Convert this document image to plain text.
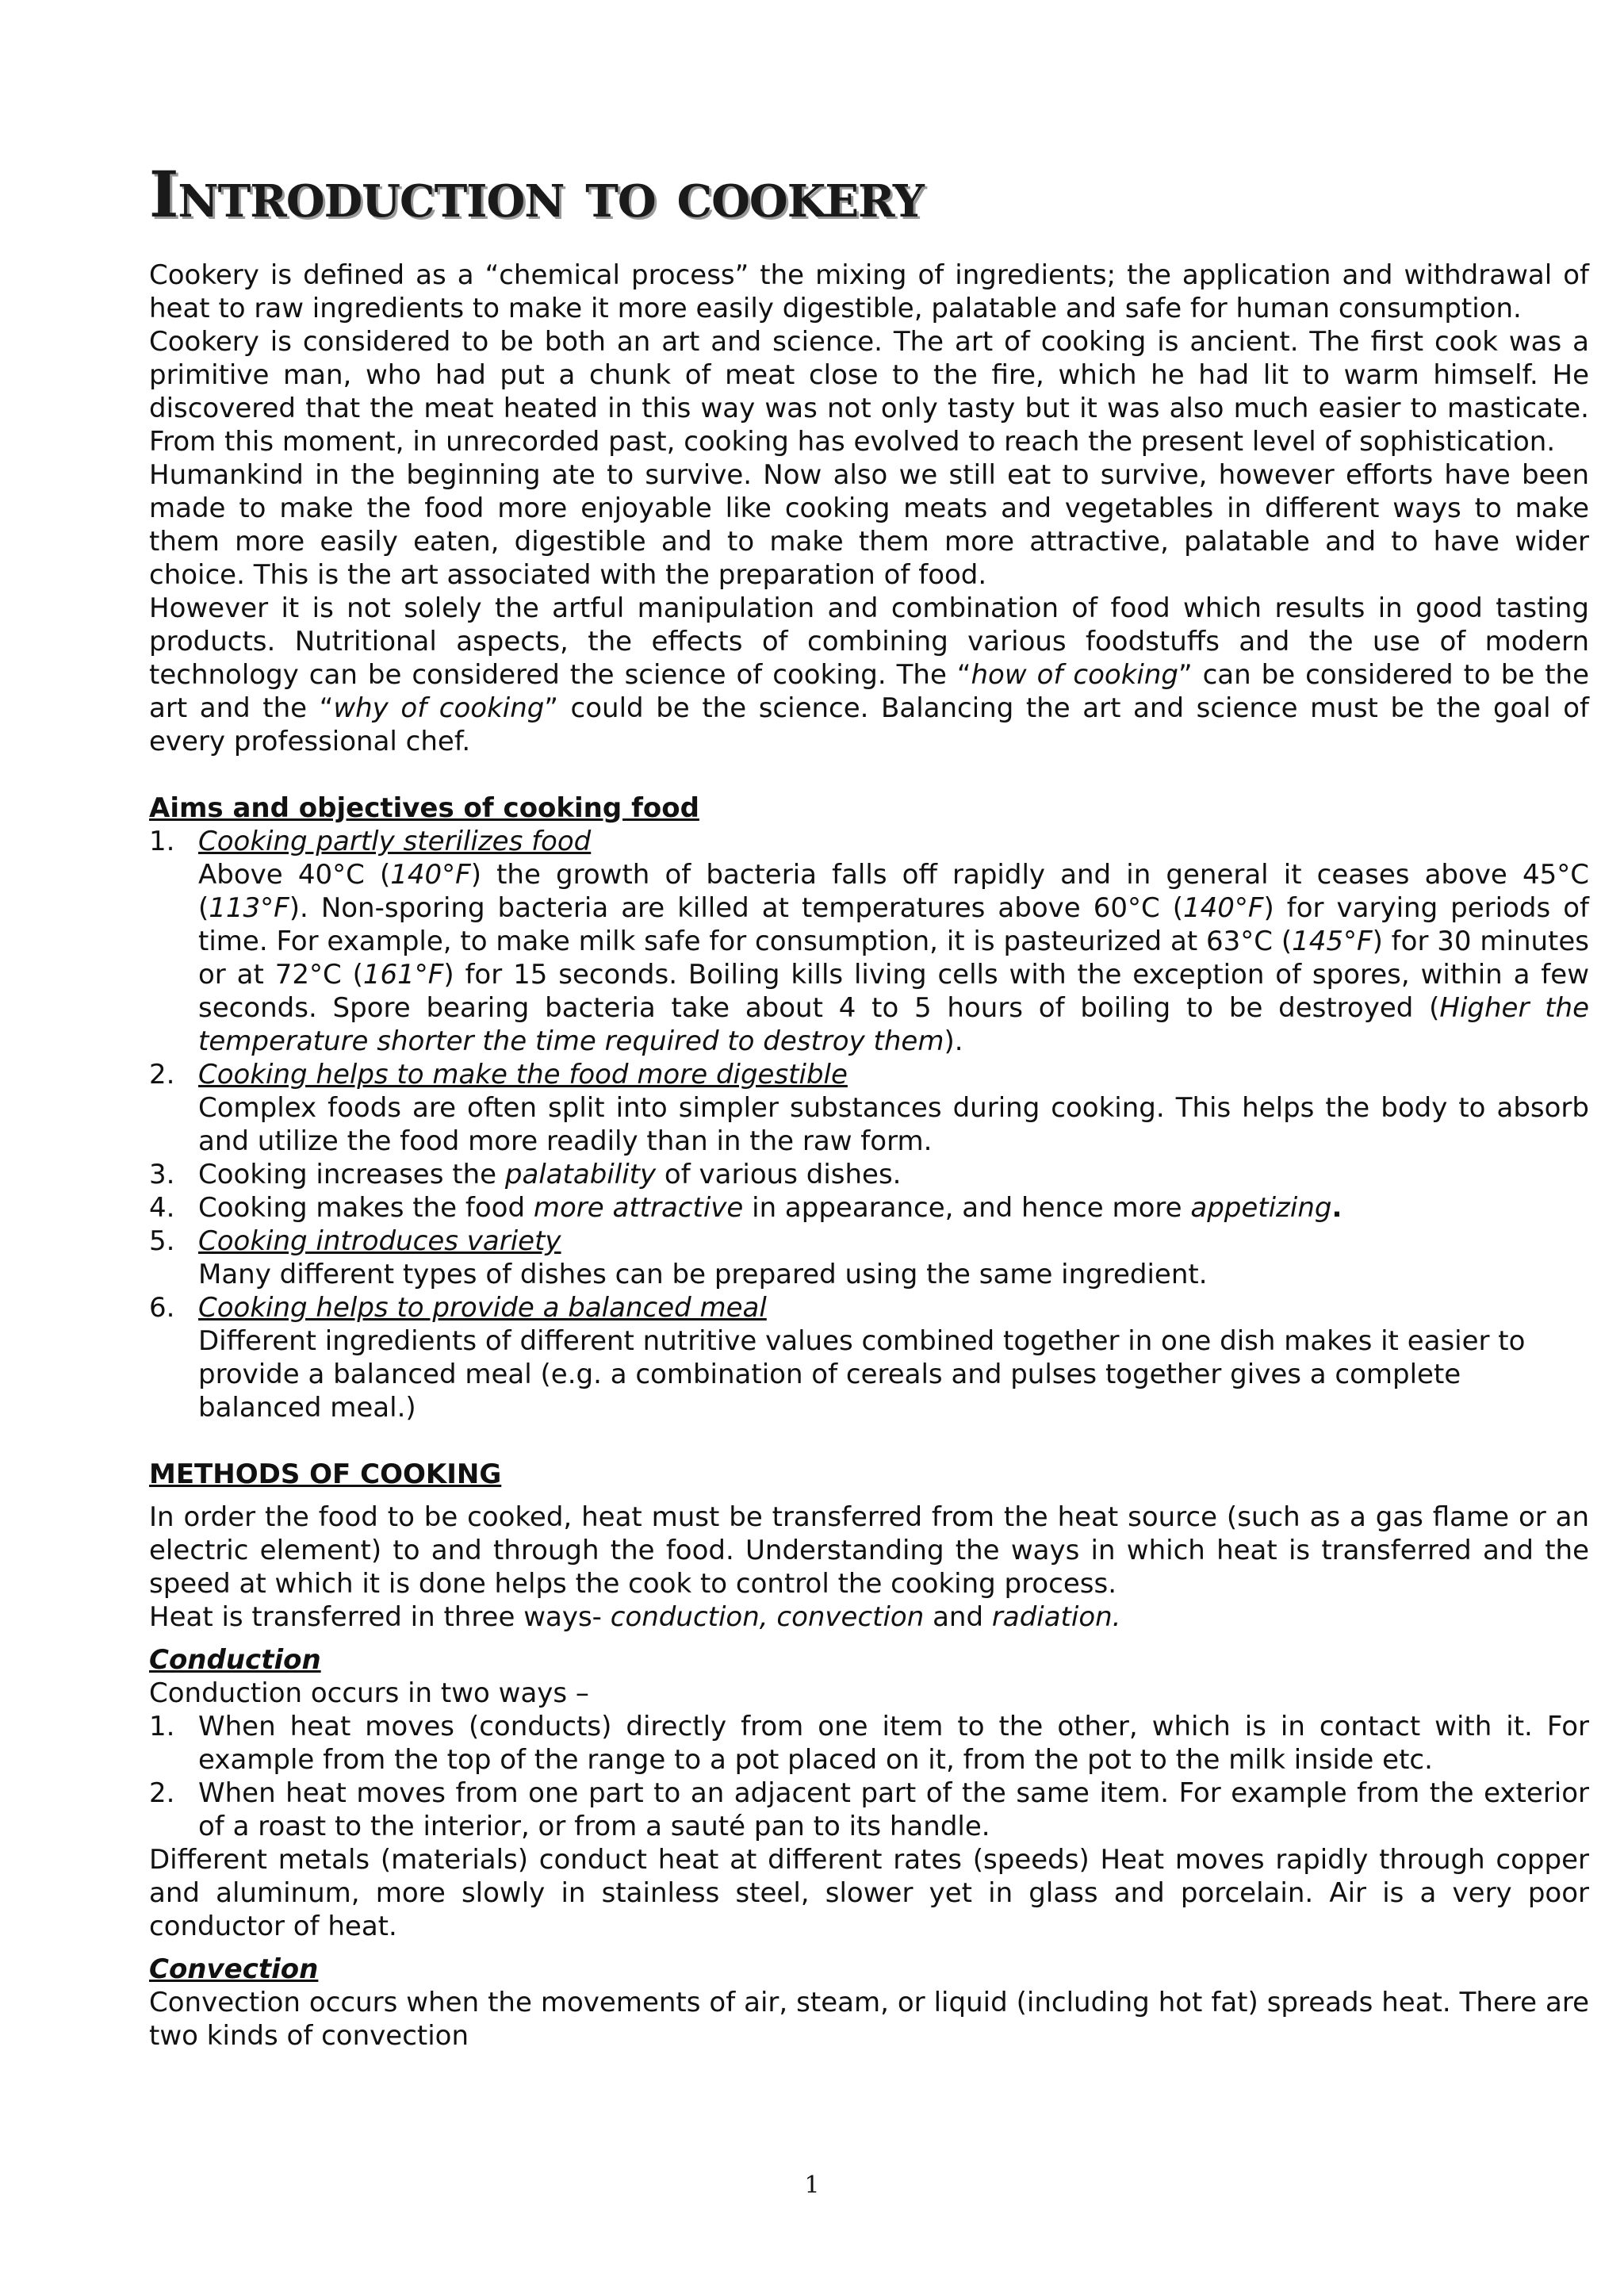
Introduction to cookery

Cookery is defined as a “chemical process” the mixing of ingredients; the application and withdrawal of heat to raw ingredients to make it more easily digestible, palatable and safe for human consumption.

Cookery is considered to be both an art and science. The art of cooking is ancient. The first cook was a primitive man, who had put a chunk of meat close to the fire, which he had lit to warm himself. He discovered that the meat heated in this way was not only tasty but it was also much easier to masticate. From this moment, in unrecorded past, cooking has evolved to reach the present level of sophistication.

Humankind in the beginning ate to survive. Now also we still eat to survive, however efforts have been made to make the food more enjoyable like cooking meats and vegetables in different ways to make them more easily eaten, digestible and to make them more attractive, palatable and to have wider choice. This is the art associated with the preparation of food.

However it is not solely the artful manipulation and combination of food which results in good tasting products. Nutritional aspects, the effects of combining various foodstuffs and the use of modern technology can be considered the science of cooking. The “how of cooking” can be considered to be the art and the “why of cooking” could be the science. Balancing the art and science must be the goal of every professional chef.

Aims and objectives of cooking food

1. Cooking partly sterilizes food
Above 40°C (140°F) the growth of bacteria falls off rapidly and in general it ceases above 45°C (113°F). Non-sporing bacteria are killed at temperatures above 60°C (140°F) for varying periods of time. For example, to make milk safe for consumption, it is pasteurized at 63°C (145°F) for 30 minutes or at 72°C (161°F) for 15 seconds. Boiling kills living cells with the exception of spores, within a few seconds. Spore bearing bacteria take about 4 to 5 hours of boiling to be destroyed (Higher the temperature shorter the time required to destroy them).
2. Cooking helps to make the food more digestible
Complex foods are often split into simpler substances during cooking. This helps the body to absorb and utilize the food more readily than in the raw form.
3. Cooking increases the palatability of various dishes.
4. Cooking makes the food more attractive in appearance, and hence more appetizing.
5. Cooking introduces variety
Many different types of dishes can be prepared using the same ingredient.
6. Cooking helps to provide a balanced meal
Different ingredients of different nutritive values combined together in one dish makes it easier to provide a balanced meal (e.g. a combination of cereals and pulses together gives a complete balanced meal.)

METHODS OF COOKING

In order the food to be cooked, heat must be transferred from the heat source (such as a gas flame or an electric element) to and through the food. Understanding the ways in which heat is transferred and the speed at which it is done helps the cook to control the cooking process.

Heat is transferred in three ways- conduction, convection and radiation.

Conduction

Conduction occurs in two ways –

1. When heat moves (conducts) directly from one item to the other, which is in contact with it. For example from the top of the range to a pot placed on it, from the pot to the milk inside etc.
2. When heat moves from one part to an adjacent part of the same item. For example from the exterior of a roast to the interior, or from a sauté pan to its handle.

Different metals (materials) conduct heat at different rates (speeds) Heat moves rapidly through copper and aluminum, more slowly in stainless steel, slower yet in glass and porcelain. Air is a very poor conductor of heat.

Convection

Convection occurs when the movements of air, steam, or liquid (including hot fat) spreads heat. There are two kinds of convection

1
